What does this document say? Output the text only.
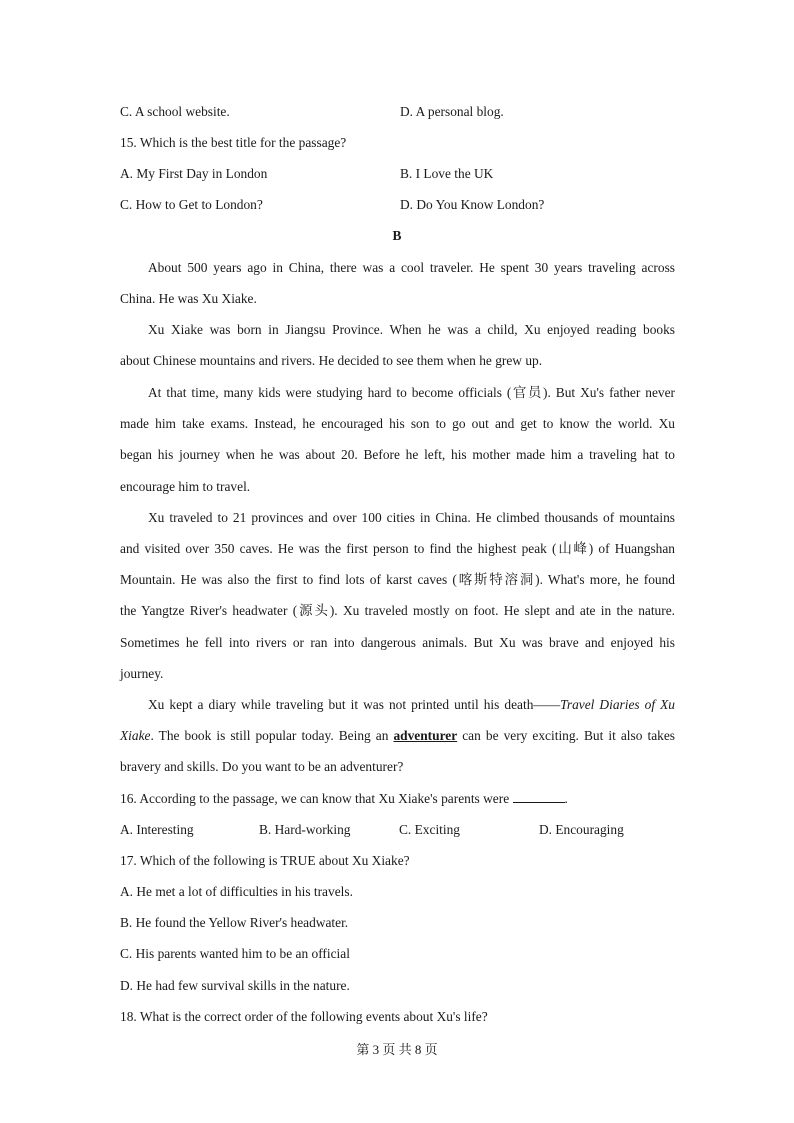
C. A school website.	D. A personal blog.
15. Which is the best title for the passage?
A. My First Day in London	B. I Love the UK
C. How to Get to London?	D. Do You Know London?
B
About 500 years ago in China, there was a cool traveler. He spent 30 years traveling across
China. He was Xu Xiake.
Xu Xiake was born in Jiangsu Province. When he was a child, Xu enjoyed reading books
about Chinese mountains and rivers. He decided to see them when he grew up.
At that time, many kids were studying hard to become officials (官员). But Xu's father never
made him take exams. Instead, he encouraged his son to go out and get to know the world. Xu
began his journey when he was about 20. Before he left, his mother made him a traveling hat to
encourage him to travel.
Xu traveled to 21 provinces and over 100 cities in China. He climbed thousands of mountains
and visited over 350 caves. He was the first person to find the highest peak (山峰) of Huangshan
Mountain. He was also the first to find lots of karst caves (喀斯特溶洞). What's more, he found
the Yangtze River's headwater (源头). Xu traveled mostly on foot. He slept and ate in the nature.
Sometimes he fell into rivers or ran into dangerous animals. But Xu was brave and enjoyed his
journey.
Xu kept a diary while traveling but it was not printed until his death——Travel Diaries of Xu
Xiake. The book is still popular today. Being an adventurer can be very exciting. But it also takes
bravery and skills. Do you want to be an adventurer?
16. According to the passage, we can know that Xu Xiake's parents were	.
A. Interesting	B. Hard-working	C. Exciting	D. Encouraging
17. Which of the following is TRUE about Xu Xiake?
A. He met a lot of difficulties in his travels.
B. He found the Yellow River's headwater.
C. His parents wanted him to be an official
D. He had few survival skills in the nature.
18. What is the correct order of the following events about Xu's life?
第 3 页 共 8 页
